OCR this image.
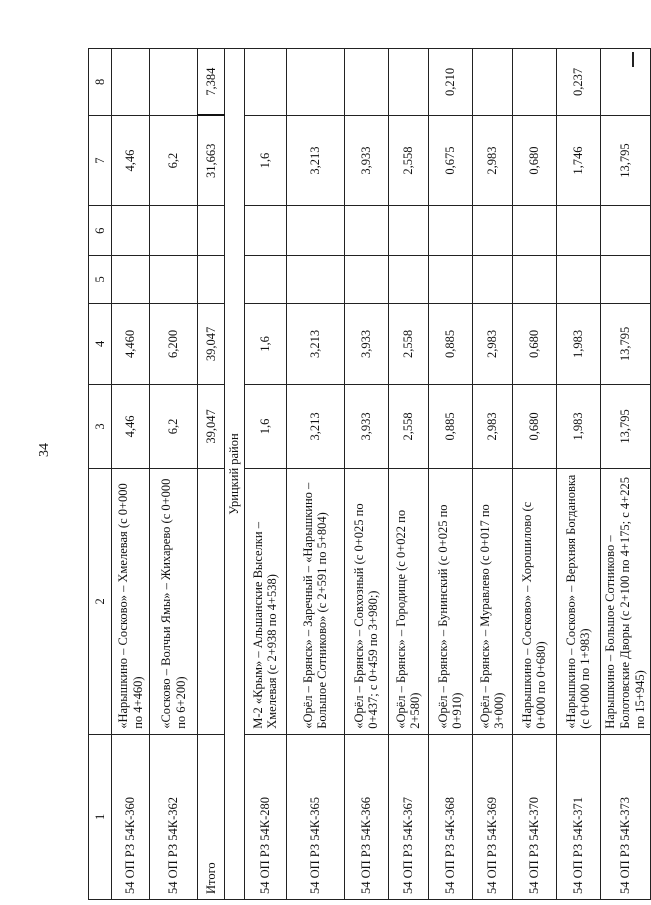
34
1	2	3	4	5	6	7	8
54 ОП РЗ 54К-360	«Нарышкино – Сосково» – Хмелевая (с 0+000 по 4+460)	4,46	4,460			4,46	
54 ОП РЗ 54К-362	«Сосково – Волчьи Ямы» – Жихарево (с 0+000 по 6+200)	6,2	6,200			6,2	
Итого		39,047	39,047			31,663	7,384
Урицкий район							
54 ОП РЗ 54К-280	М-2 «Крым» – Альшанские Выселки – Хмелевая (с 2+938 по 4+538)	1,6	1,6			1,6	
54 ОП РЗ 54К-365	«Орёл – Брянск» – Заречный – «Нарышкино – Большое Сотниково» (с 2+591 по 5+804)	3,213	3,213			3,213	
54 ОП РЗ 54К-366	«Орёл – Брянск» – Совхозный (с 0+025 по 0+437; с 0+459 по 3+980;)	3,933	3,933			3,933	
54 ОП РЗ 54К-367	«Орёл – Брянск» – Городище (с 0+022 по 2+580)	2,558	2,558			2,558	
54 ОП РЗ 54К-368	«Орёл – Брянск» – Бунинский (с 0+025 по 0+910)	0,885	0,885			0,675	0,210
54 ОП РЗ 54К-369	«Орёл – Брянск» – Муравлево (с 0+017 по 3+000)	2,983	2,983			2,983	
54 ОП РЗ 54К-370	«Нарышкино – Сосково» – Хорошилово (с 0+000 по 0+680)	0,680	0,680			0,680	
54 ОП РЗ 54К-371	«Нарышкино – Сосково» – Верхняя Богдановка (с 0+000 по 1+983)	1,983	1,983			1,746	0,237
54 ОП РЗ 54К-373	Нарышкино – Большое Сотниково – Болотовские Дворы (с 2+100 по 4+175; с 4+225 по 15+945)	13,795	13,795			13,795	
